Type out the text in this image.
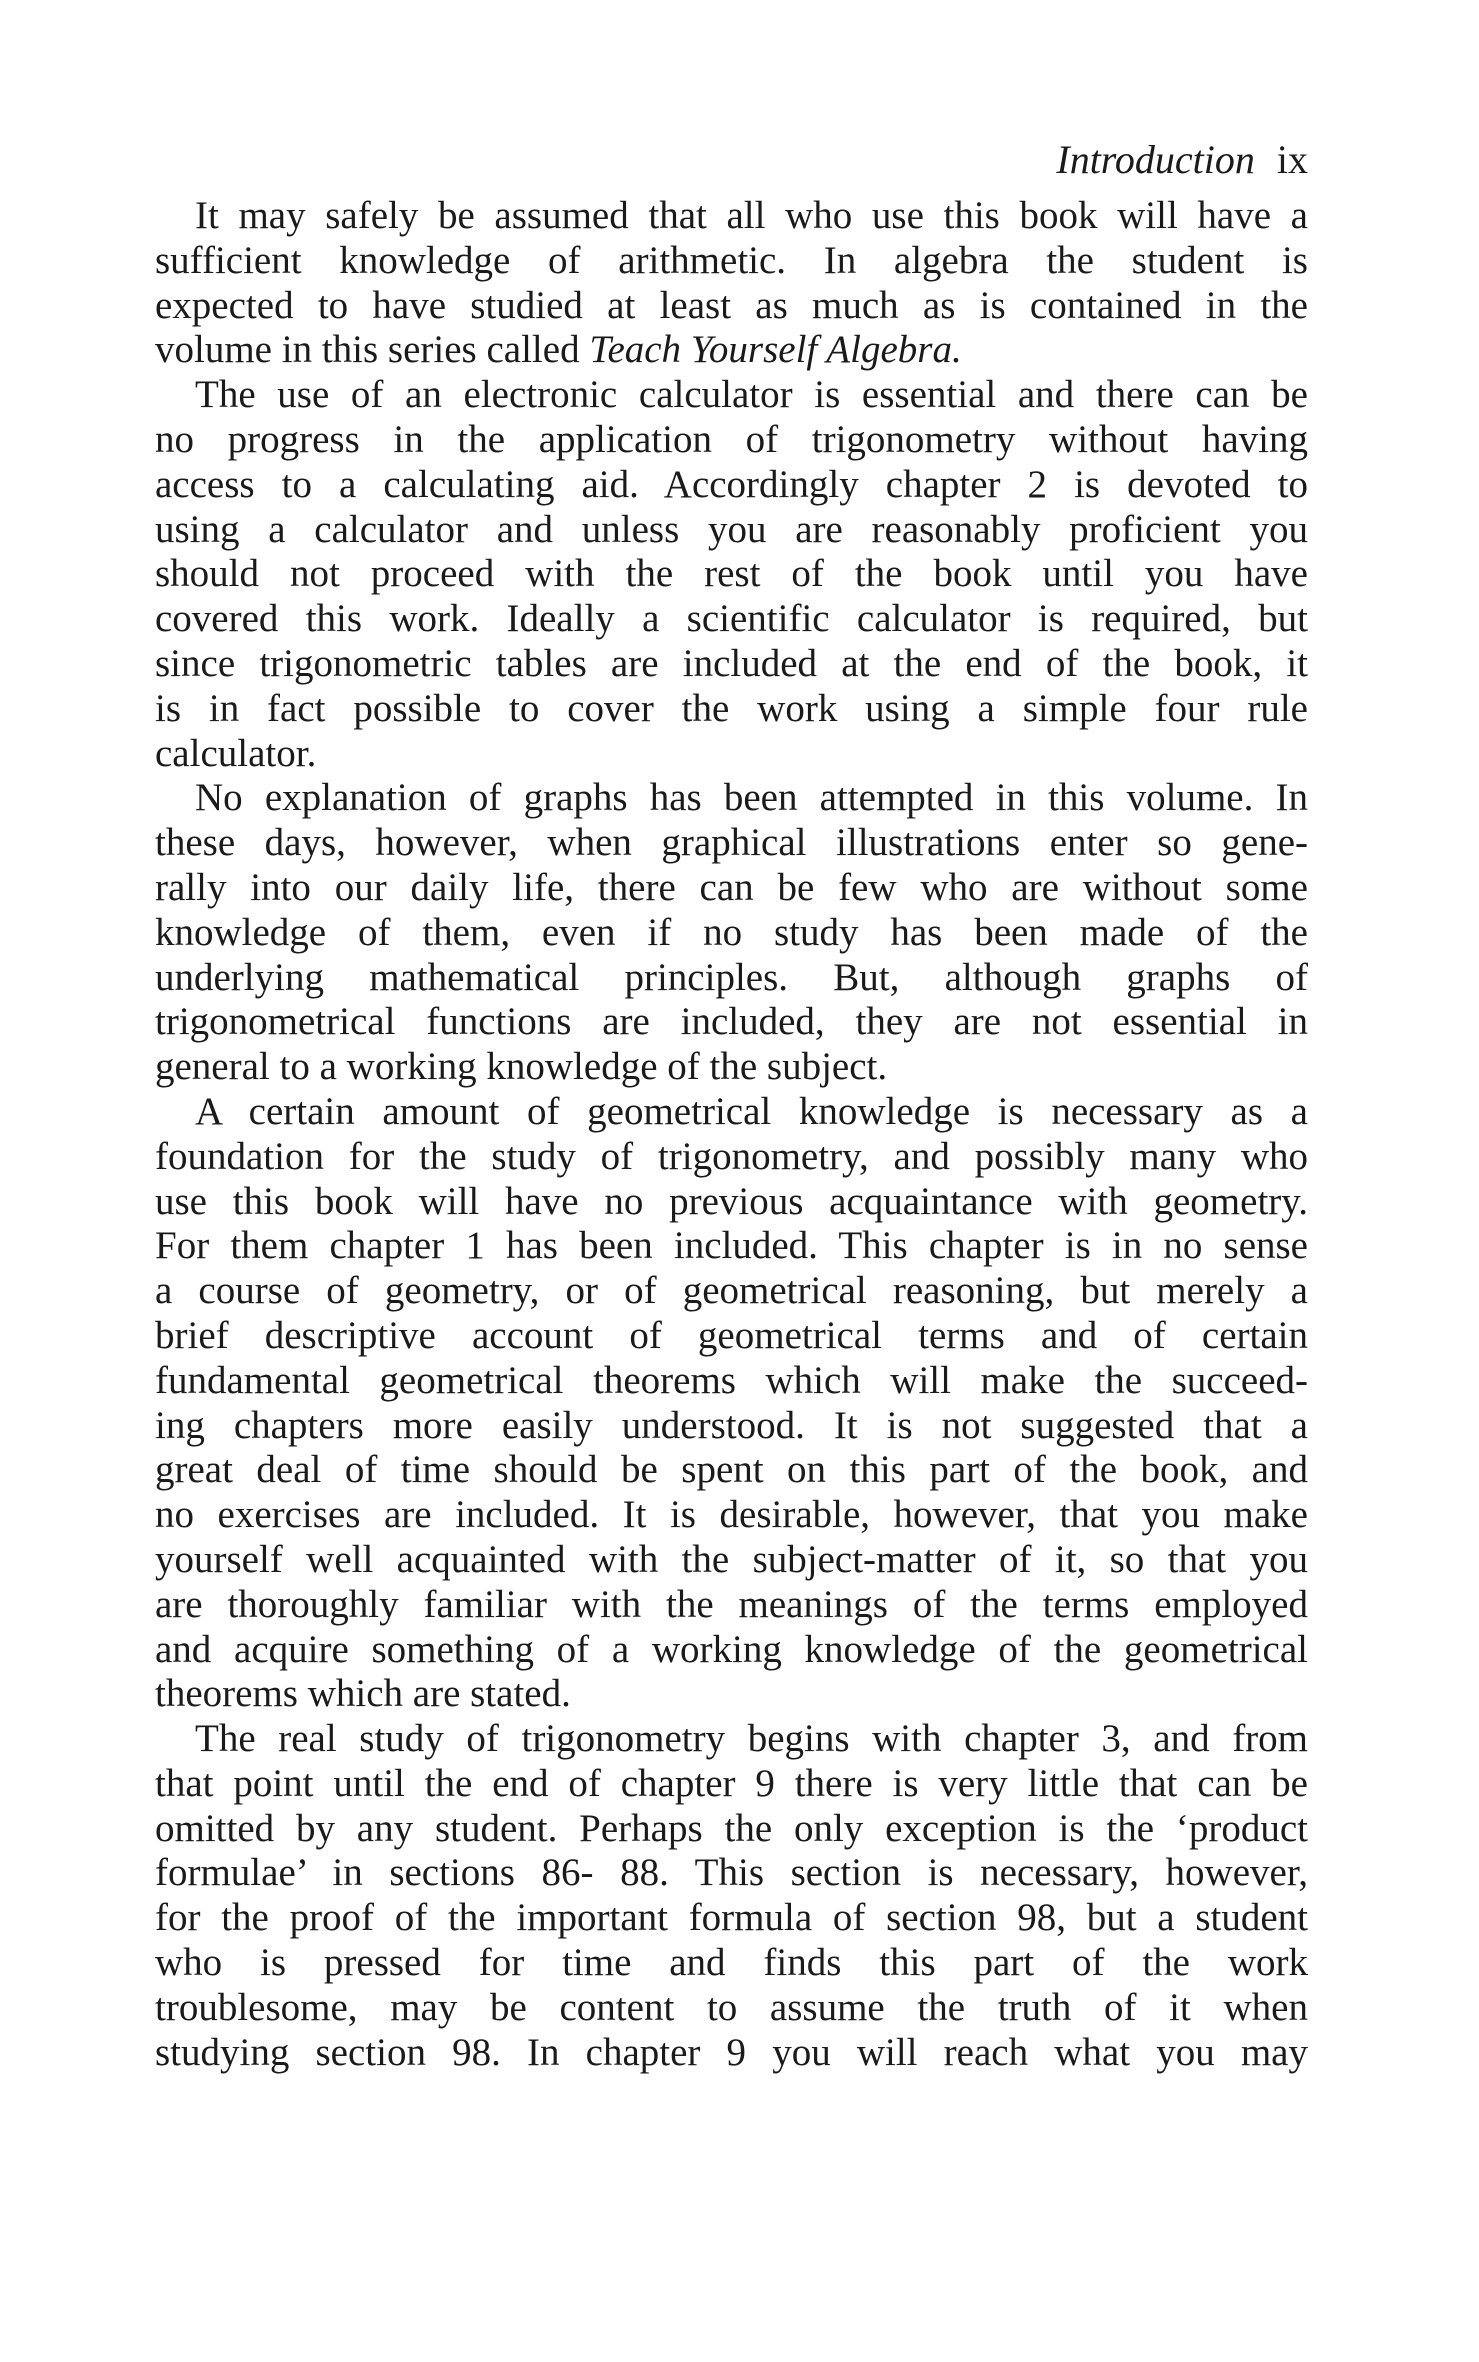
Introduction ix

It may safely be assumed that all who use this book will have a
sufficient knowledge of arithmetic. In algebra the student is
expected to have studied at least as much as is contained in the
volume in this series called Teach Yourself Algebra.

The use of an electronic calculator is essential and there can be
no progress in the application of trigonometry without having
access to a calculating aid. Accordingly chapter 2 is devoted to
using a calculator and unless you are reasonably proficient you
should not proceed with the rest of the book until you have
covered this work. Ideally a scientific calculator is required, but
since trigonometric tables are included at the end of the book, it
is in fact possible to cover the work using a simple four rule
calculator.

No explanation of graphs has been attempted in this volume. In
these days, however, when graphical illustrations enter so gene-
rally into our daily life, there can be few who are without some
knowledge of them, even if no study has been made of the
underlying mathematical principles. But, although graphs of
trigonometrical functions are included, they are not essential in
general to a working knowledge of the subject.

A certain amount of geometrical knowledge is necessary as a
foundation for the study of trigonometry, and possibly many who
use this book will have no previous acquaintance with geometry.
For them chapter 1 has been included. This chapter is in no sense
a course of geometry, or of geometrical reasoning, but merely a
brief descriptive account of geometrical terms and of certain
fundamental geometrical theorems which will make the succeed-
ing chapters more easily understood. It is not suggested that a
great deal of time should be spent on this part of the book, and
no exercises are included. It is desirable, however, that you make
yourself well acquainted with the subject-matter of it, so that you
are thoroughly familiar with the meanings of the terms employed
and acquire something of a working knowledge of the geometrical
theorems which are stated.

The real study of trigonometry begins with chapter 3, and from
that point until the end of chapter 9 there is very little that can be
omitted by any student. Perhaps the only exception is the ‘product
formulae’ in sections 86- 88. This section is necessary, however,
for the proof of the important formula of section 98, but a student
who is pressed for time and finds this part of the work
troublesome, may be content to assume the truth of it when
studying section 98. In chapter 9 you will reach what you may
